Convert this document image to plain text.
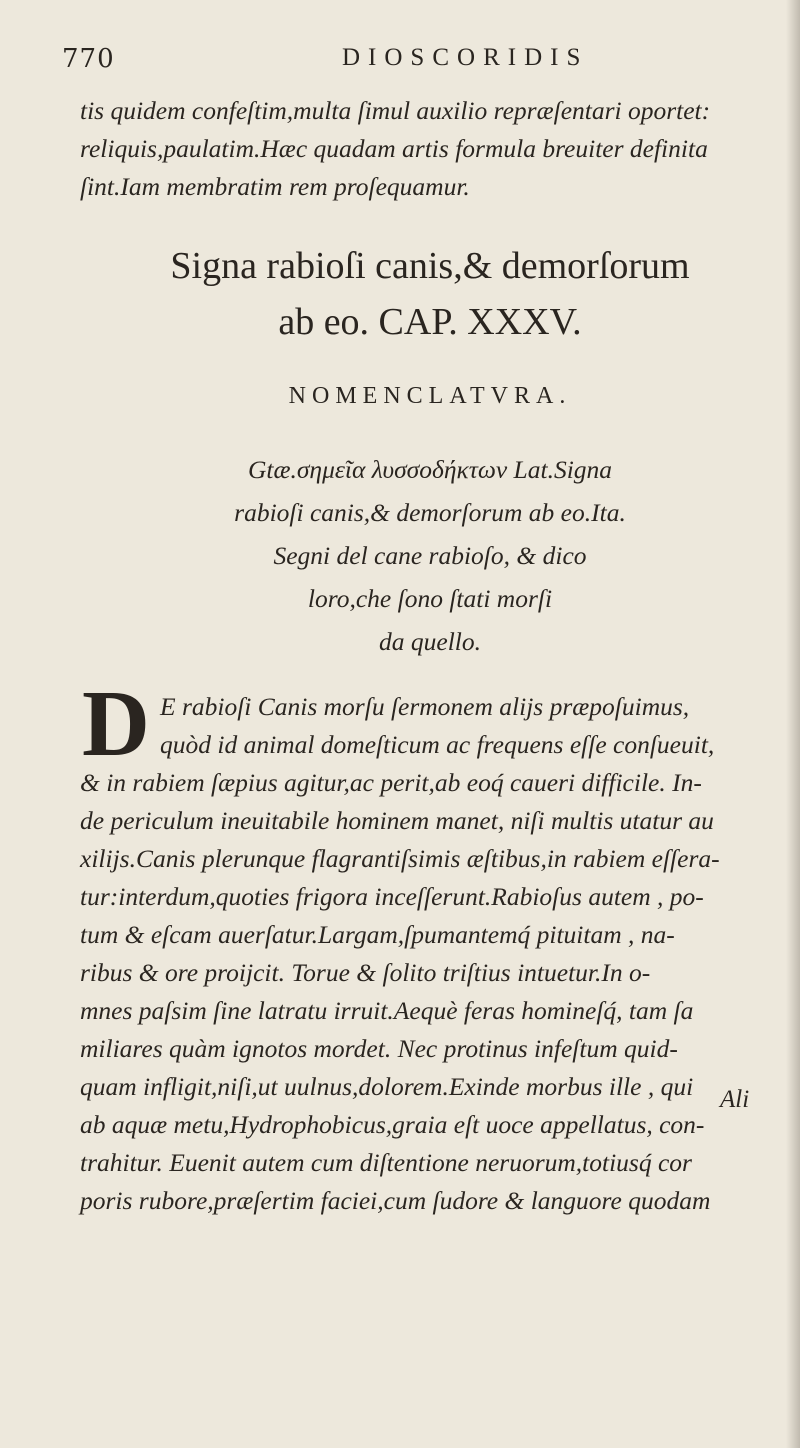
770	DIOSCORIDIS
tis quidem confeſtim,multa ſimul auxilio repræſentari oportet:
reliquis,paulatim.Hæc quadam artis formula breuiter definita
ſint.Iam membratim rem proſequamur.
Signa rabioſi canis,& demorſorum
ab eo. CAP. XXXV.
NOMENCLATVRA.
Gtæ.σημεῖα λυσσοδήκτων Lat.Signa
rabioſi canis,& demorſorum ab eo.Ita.
Segni del cane rabioſo, & dico
loro,che ſono ſtati morſi
da quello.
D E rabioſi Canis morſu ſermonem alijs præpoſuimus,
quòd id animal domeſticum ac frequens eſſe conſueuit,
& in rabiem ſæpius agitur,ac perit,ab eoq́ caueri difficile. In-
de periculum ineuitabile hominem manet, niſi multis utatur au
xilijs.Canis plerunque flagrantiſsimis æſtibus,in rabiem eſſera-
tur:interdum,quoties frigora inceſſerunt.Rabioſus autem , po-
tum & eſcam auerſatur.Largam,ſpumantemq́ pituitam , na-
ribus & ore proijcit. Torue & ſolito triſtius intuetur.In o-
mnes paſsim ſine latratu irruit.Aequè feras homineſq́, tam ſa
miliares quàm ignotos mordet. Nec protinus infeſtum quid-
quam infligit,niſi,ut uulnus,dolorem.Exinde morbus ille , qui
ab aquæ metu,Hydrophobicus,graia eſt uoce appellatus, con-
trahitur. Euenit autem cum diſtentione neruorum,totiusq́ cor
poris rubore,præſertim faciei,cum ſudore & languore quodam
Ali
